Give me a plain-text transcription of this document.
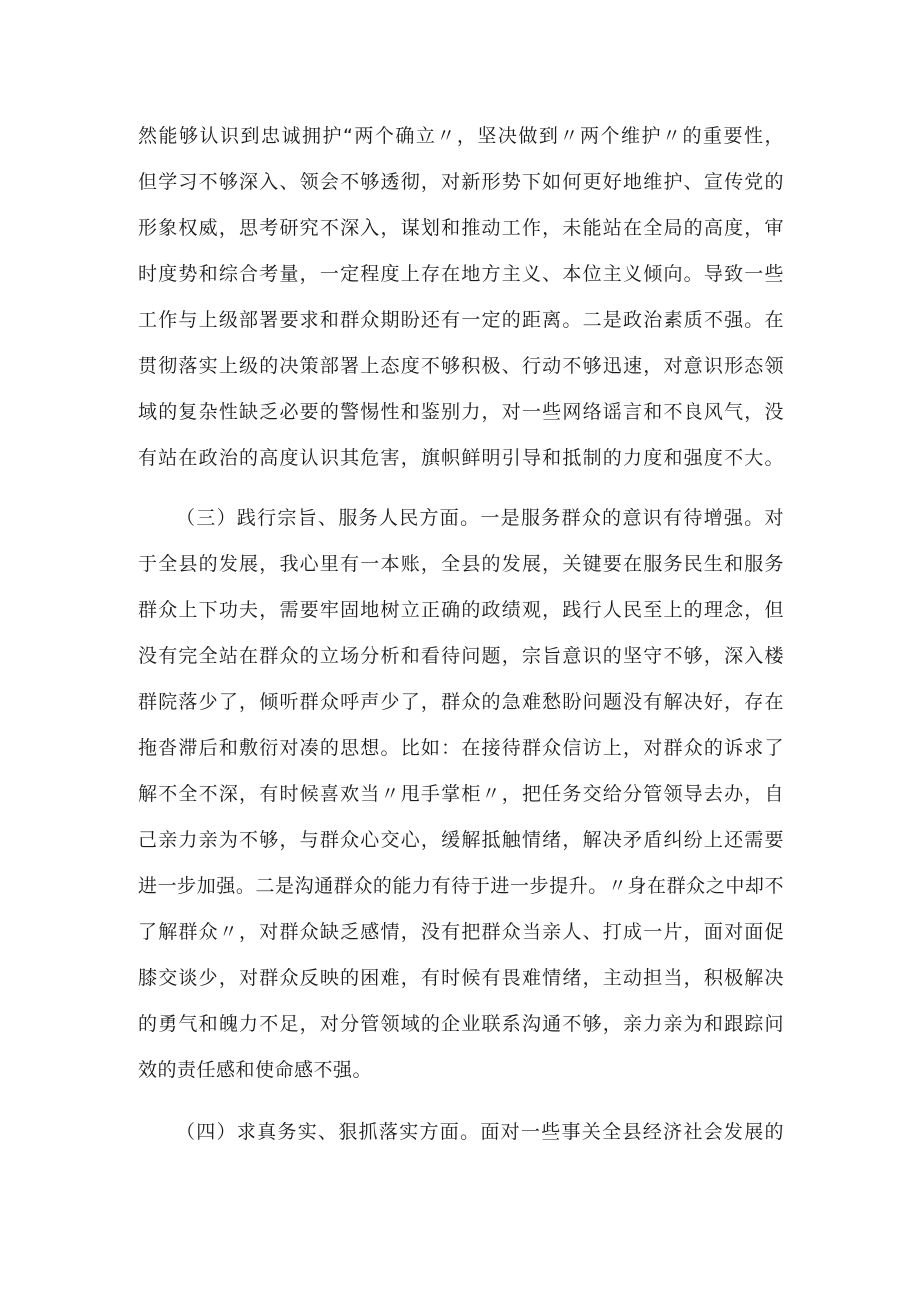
然能够认识到忠诚拥护“两个确立〃，坚决做到〃两个维护〃的重要性，
但学习不够深入、领会不够透彻，对新形势下如何更好地维护、宣传党的
形象权威，思考研究不深入，谋划和推动工作，未能站在全局的高度，审
时度势和综合考量，一定程度上存在地方主义、本位主义倾向。导致一些
工作与上级部署要求和群众期盼还有一定的距离。二是政治素质不强。在
贯彻落实上级的决策部署上态度不够积极、行动不够迅速，对意识形态领
域的复杂性缺乏必要的警惕性和鉴别力，对一些网络谣言和不良风气，没
有站在政治的高度认识其危害，旗帜鲜明引导和抵制的力度和强度不大。
（三）践行宗旨、服务人民方面。一是服务群众的意识有待增强。对
于全县的发展，我心里有一本账，全县的发展，关键要在服务民生和服务
群众上下功夫，需要牢固地树立正确的政绩观，践行人民至上的理念，但
没有完全站在群众的立场分析和看待问题，宗旨意识的坚守不够，深入楼
群院落少了，倾听群众呼声少了，群众的急难愁盼问题没有解决好，存在
拖沓滞后和敷衍对凑的思想。比如：在接待群众信访上，对群众的诉求了
解不全不深，有时候喜欢当〃甩手掌柜〃，把任务交给分管领导去办，自
己亲力亲为不够，与群众心交心，缓解抵触情绪，解决矛盾纠纷上还需要
进一步加强。二是沟通群众的能力有待于进一步提升。〃身在群众之中却不
了解群众〃，对群众缺乏感情，没有把群众当亲人、打成一片，面对面促
膝交谈少，对群众反映的困难，有时候有畏难情绪，主动担当，积极解决
的勇气和魄力不足，对分管领域的企业联系沟通不够，亲力亲为和跟踪问
效的责任感和使命感不强。
（四）求真务实、狠抓落实方面。面对一些事关全县经济社会发展的
